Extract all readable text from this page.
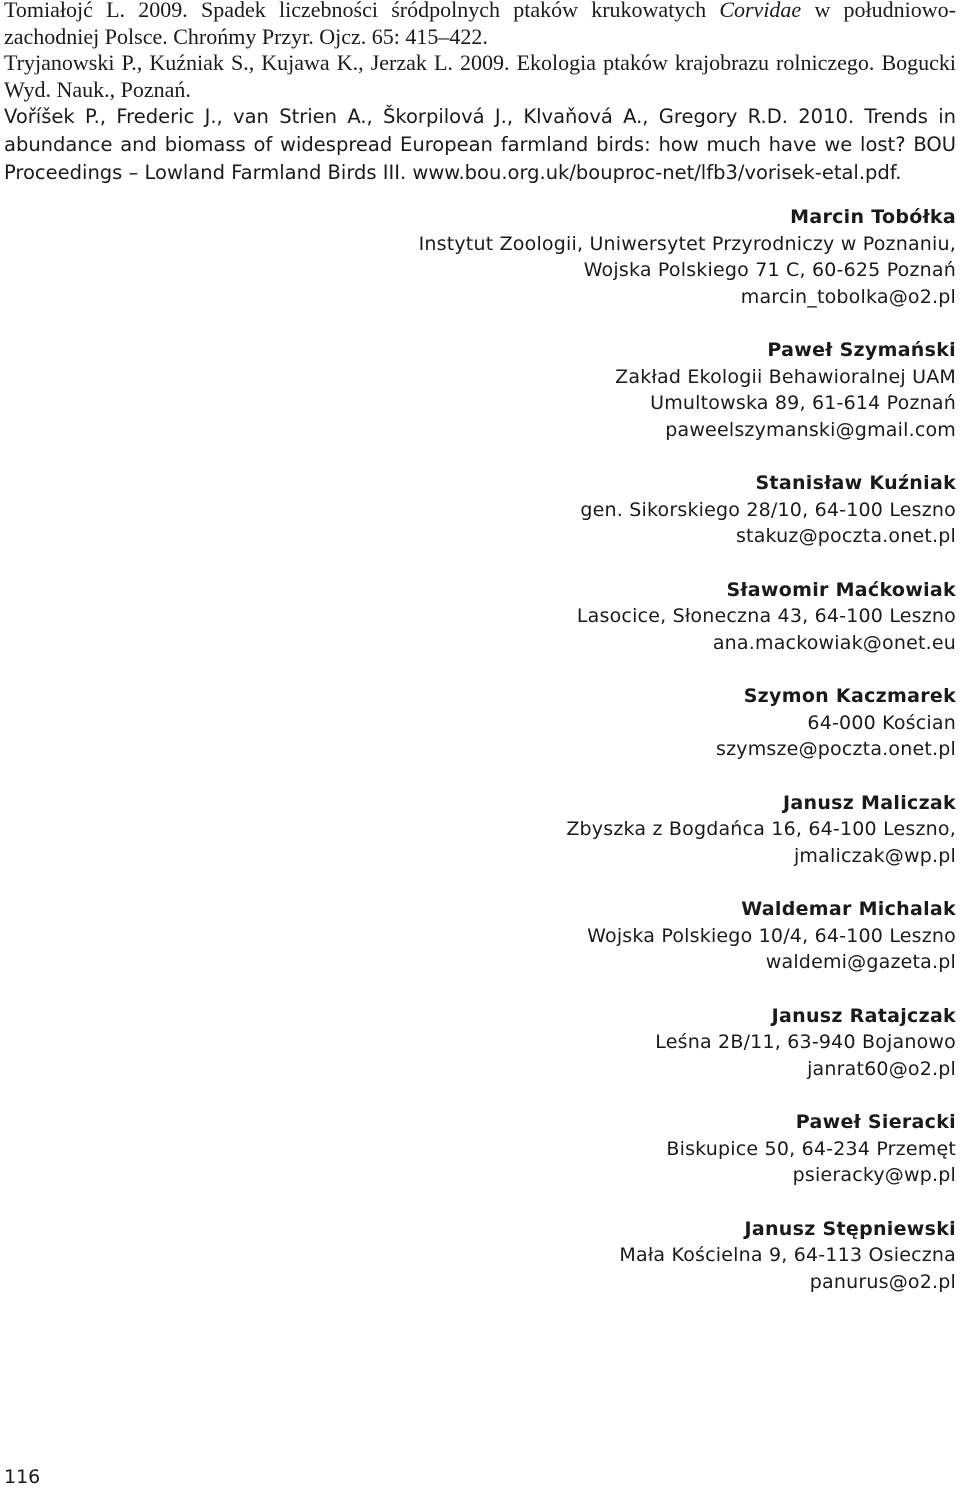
Tomiałojć L. 2009. Spadek liczebności śródpolnych ptaków krukowatych Corvidae w południowo-zachodniej Polsce. Chrońmy Przyr. Ojcz. 65: 415–422.

Tryjanowski P., Kuźniak S., Kujawa K., Jerzak L. 2009. Ekologia ptaków krajobrazu rolniczego. Bogucki Wyd. Nauk., Poznań.

Voříšek P., Frederic J., van Strien A., Škorpilová J., Klvaňová A., Gregory R.D. 2010. Trends in abundance and biomass of widespread European farmland birds: how much have we lost? BOU Proceedings – Lowland Farmland Birds III. www.bou.org.uk/bouproc-net/lfb3/vorisek-etal.pdf.

Marcin Tobółka
Instytut Zoologii, Uniwersytet Przyrodniczy w Poznaniu,
Wojska Polskiego 71 C, 60-625 Poznań
marcin_tobolka@o2.pl
Paweł Szymański
Zakład Ekologii Behawioralnej UAM
Umultowska 89, 61-614 Poznań
paweelszymanski@gmail.com
Stanisław Kuźniak
gen. Sikorskiego 28/10, 64-100 Leszno
stakuz@poczta.onet.pl
Sławomir Maćkowiak
Lasocice, Słoneczna 43, 64-100 Leszno
ana.mackowiak@onet.eu
Szymon Kaczmarek
64-000 Kościan
szymsze@poczta.onet.pl
Janusz Maliczak
Zbyszka z Bogdańca 16, 64-100 Leszno,
jmaliczak@wp.pl
Waldemar Michalak
Wojska Polskiego 10/4, 64-100 Leszno
waldemi@gazeta.pl
Janusz Ratajczak
Leśna 2B/11, 63-940 Bojanowo
janrat60@o2.pl
Paweł Sieracki
Biskupice 50, 64-234 Przemęt
psieracky@wp.pl
Janusz Stępniewski
Mała Kościelna 9, 64-113 Osieczna
panurus@o2.pl
116
